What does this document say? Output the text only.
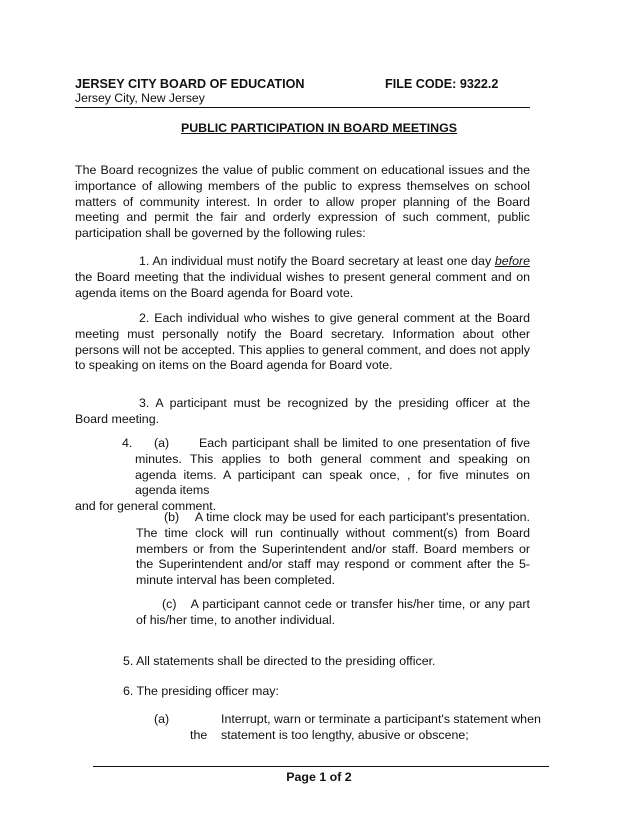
JERSEY CITY BOARD OF EDUCATION
Jersey City, New Jersey
FILE CODE: 9322.2
PUBLIC PARTICIPATION IN BOARD MEETINGS
The Board recognizes the value of public comment on educational issues and the importance of allowing members of the public to express themselves on school matters of community interest. In order to allow proper planning of the Board meeting and permit the fair and orderly expression of such comment, public participation shall be governed by the following rules:
1. An individual must notify the Board secretary at least one day before the Board meeting that the individual wishes to present general comment and on agenda items on the Board agenda for Board vote.
2. Each individual who wishes to give general comment at the Board meeting must personally notify the Board secretary. Information about other persons will not be accepted. This applies to general comment, and does not apply to speaking on items on the Board agenda for Board vote.
3. A participant must be recognized by the presiding officer at the Board meeting.
4. (a)	Each participant shall be limited to one presentation of five minutes. This applies to both general comment and speaking on agenda items. A participant can speak once, , for five minutes on agenda items
and for general comment.
(b) A time clock may be used for each participant's presentation. The time clock will run continually without comment(s) from Board members or from the Superintendent and/or staff. Board members or the Superintendent and/or staff may respond or comment after the 5-minute interval has been completed.
(c) A participant cannot cede or transfer his/her time, or any part of his/her time, to another individual.
5. All statements shall be directed to the presiding officer.
6. The presiding officer may:
(a)	Interrupt, warn or terminate a participant's statement when
the statement is too lengthy, abusive or obscene;
Page 1 of 2
